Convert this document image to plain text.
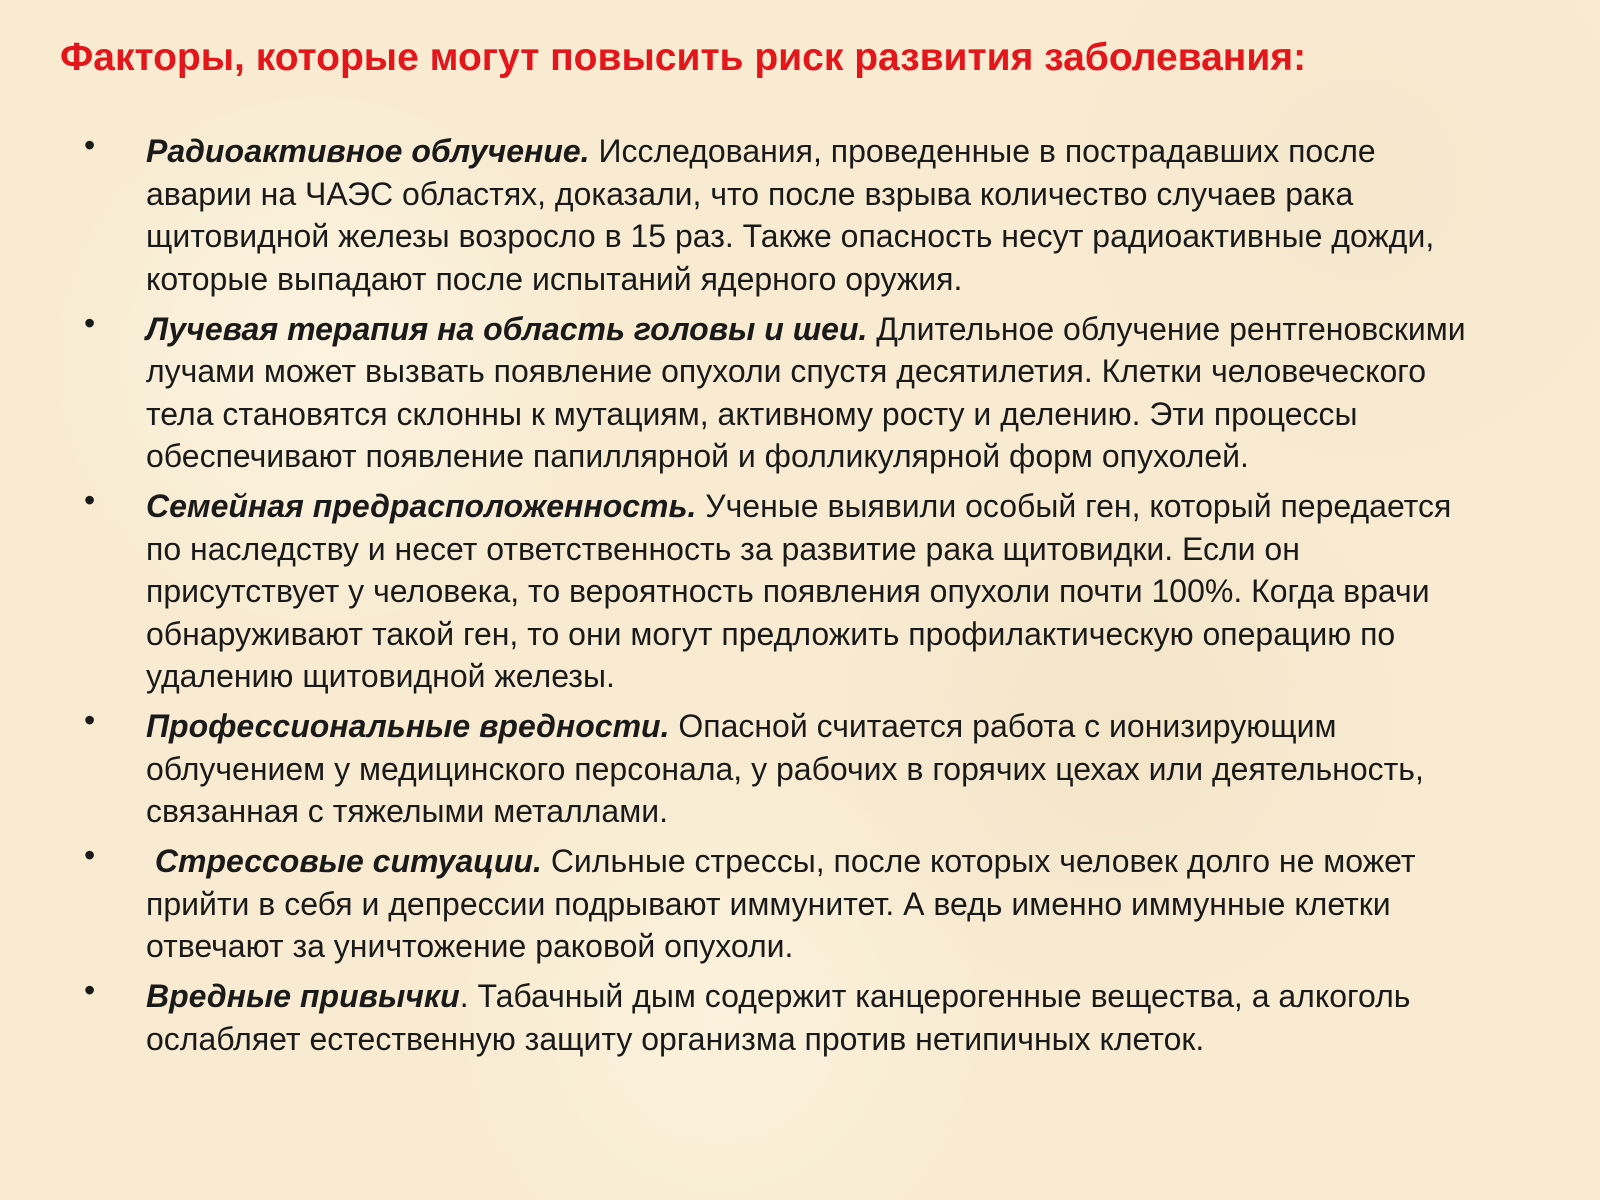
Факторы, которые могут повысить риск развития заболевания:
• Радиоактивное облучение. Исследования, проведенные в пострадавших после аварии на ЧАЭС областях, доказали, что после взрыва количество случаев рака щитовидной железы возросло в 15 раз. Также опасность несут радиоактивные дожди, которые выпадают после испытаний ядерного оружия.
• Лучевая терапия на область головы и шеи. Длительное облучение рентгеновскими лучами может вызвать появление опухоли спустя десятилетия. Клетки человеческого тела становятся склонны к мутациям, активному росту и делению. Эти процессы обеспечивают появление папиллярной и фолликулярной форм опухолей.
• Семейная предрасположенность. Ученые выявили особый ген, который передается по наследству и несет ответственность за развитие рака щитовидки. Если он присутствует у человека, то вероятность появления опухоли почти 100%. Когда врачи обнаруживают такой ген, то они могут предложить профилактическую операцию по удалению щитовидной железы.
• Профессиональные вредности. Опасной считается работа с ионизирующим облучением у медицинского персонала, у рабочих в горячих цехах или деятельность, связанная с тяжелыми металлами.
• Стрессовые ситуации. Сильные стрессы, после которых человек долго не может прийти в себя и депрессии подрывают иммунитет. А ведь именно иммунные клетки отвечают за уничтожение раковой опухоли.
• Вредные привычки. Табачный дым содержит канцерогенные вещества, а алкоголь ослабляет естественную защиту организма против нетипичных клеток.
